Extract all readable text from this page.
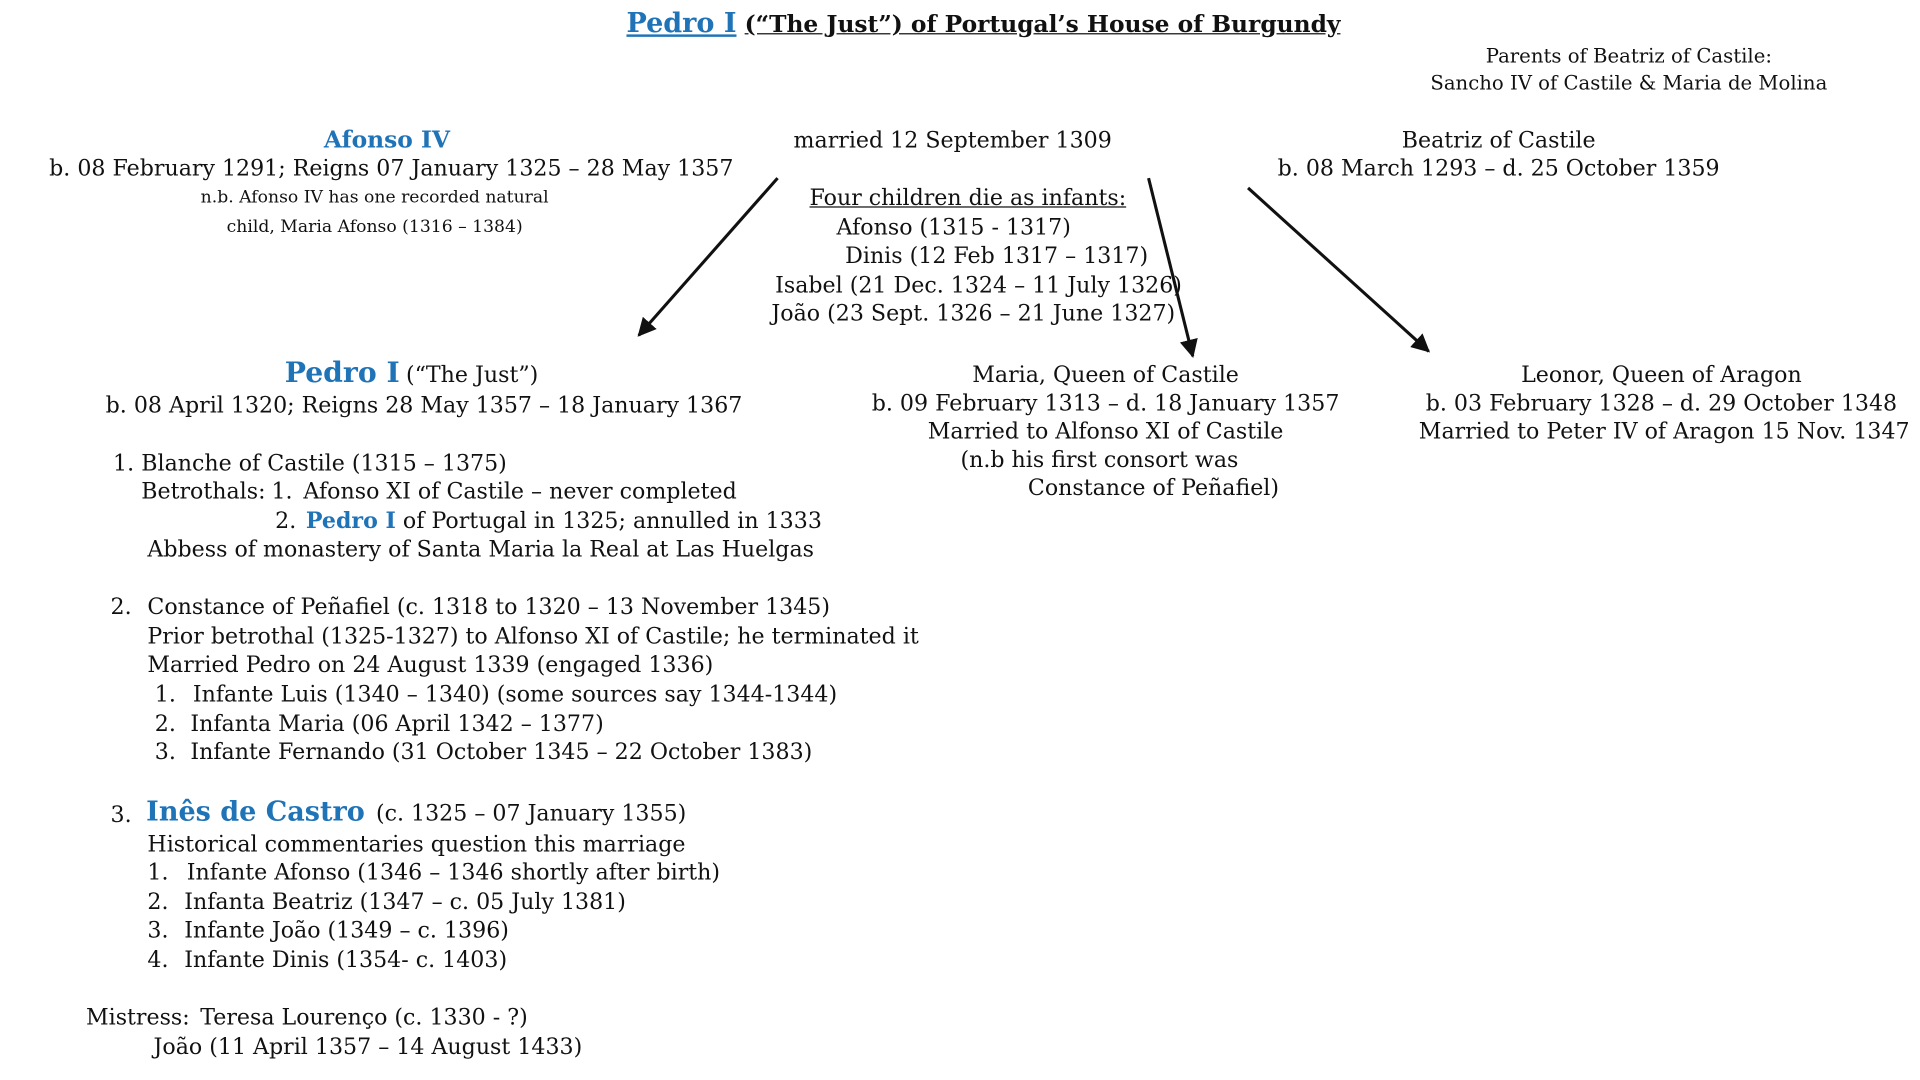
Pedro I (“The Just”) of Portugal’s House of Burgundy
Parents of Beatriz of Castile:
Sancho IV of Castile & Maria de Molina
Afonso IV
b. 08 February 1291; Reigns 07 January 1325 – 28 May 1357
n.b. Afonso IV has one recorded natural
child, Maria Afonso (1316 – 1384)
married 12 September 1309
Four children die as infants:
Afonso (1315 - 1317)
Dinis (12 Feb 1317 – 1317)
Isabel (21 Dec. 1324 – 11 July 1326)
João (23 Sept. 1326 – 21 June 1327)
Beatriz of Castile
b. 08 March 1293 – d. 25 October 1359
Pedro I (“The Just”)
b. 08 April 1320; Reigns 28 May 1357 – 18 January 1367
Maria, Queen of Castile
b. 09 February 1313 – d. 18 January 1357
Married to Alfonso XI of Castile
(n.b his first consort was
Constance of Peñafiel)
Leonor, Queen of Aragon
b. 03 February 1328 – d. 29 October 1348
Married to Peter IV of Aragon 15 Nov. 1347
1. Blanche of Castile (1315 – 1375)
Betrothals: 1. Afonso XI of Castile – never completed
2. Pedro I of Portugal in 1325; annulled in 1333
Abbess of monastery of Santa Maria la Real at Las Huelgas
2. Constance of Peñafiel (c. 1318 to 1320 – 13 November 1345)
Prior betrothal (1325-1327) to Alfonso XI of Castile; he terminated it
Married Pedro on 24 August 1339 (engaged 1336)
1. Infante Luis (1340 – 1340) (some sources say 1344-1344)
2. Infanta Maria (06 April 1342 – 1377)
3. Infante Fernando (31 October 1345 – 22 October 1383)
3. Inês de Castro (c. 1325 – 07 January 1355)
Historical commentaries question this marriage
1. Infante Afonso (1346 – 1346 shortly after birth)
2. Infanta Beatriz (1347 – c. 05 July 1381)
3. Infante João (1349 – c. 1396)
4. Infante Dinis (1354- c. 1403)
Mistress: Teresa Lourenço (c. 1330 - ?)
João (11 April 1357 – 14 August 1433)
